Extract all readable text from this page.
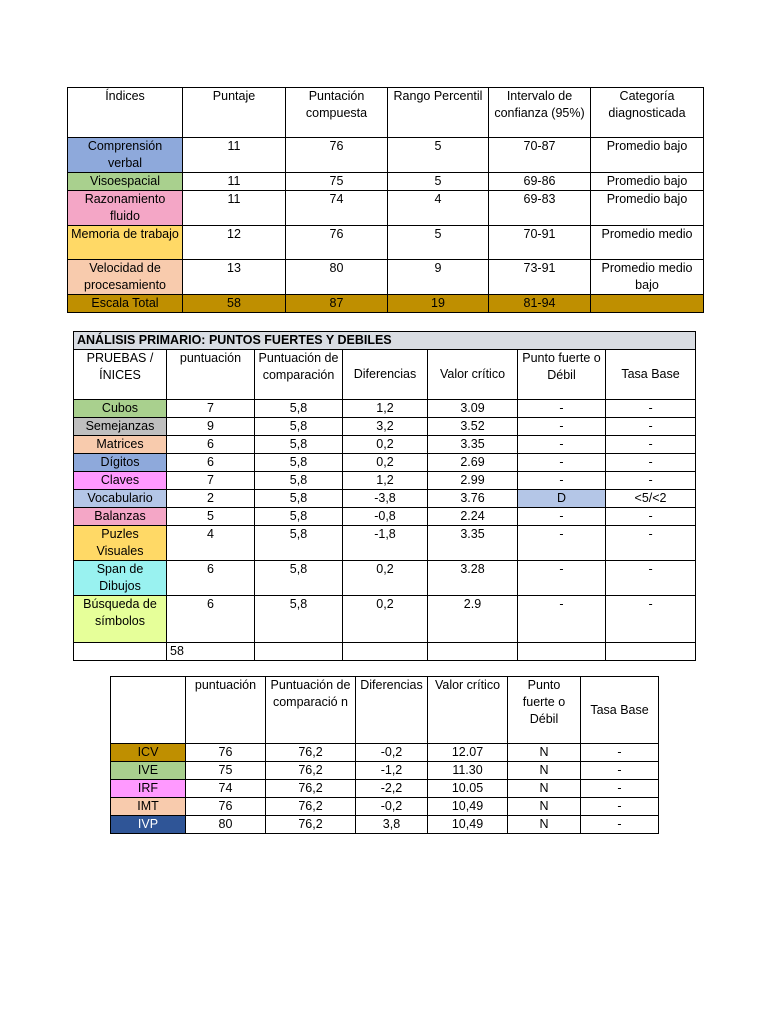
Índices	Puntaje	Puntación compuesta	Rango Percentil	Intervalo de confianza (95%)	Categoría diagnosticada
Comprensión verbal	11	76	5	70-87	Promedio bajo
Visoespacial	11	75	5	69-86	Promedio bajo
Razonamiento fluido	11	74	4	69-83	Promedio bajo
Memoria de trabajo	12	76	5	70-91	Promedio medio
Velocidad de procesamiento	13	80	9	73-91	Promedio medio bajo
Escala Total	58	87	19	81-94	
ANÁLISIS PRIMARIO: PUNTOS FUERTES Y DEBILES						
PRUEBAS / ÍNICES	puntuación	Puntuación de comparación	Diferencias	Valor crítico	Punto fuerte o Débil	Tasa Base
Cubos	7	5,8	1,2	3.09	-	-
Semejanzas	9	5,8	3,2	3.52	-	-
Matrices	6	5,8	0,2	3.35	-	-
Dígitos	6	5,8	0,2	2.69	-	-
Claves	7	5,8	1,2	2.99	-	-
Vocabulario	2	5,8	-3,8	3.76	D	<5/<2
Balanzas	5	5,8	-0,8	2.24	-	-
Puzles Visuales	4	5,8	-1,8	3.35	-	-
Span de Dibujos	6	5,8	0,2	3.28	-	-
Búsqueda de símbolos	6	5,8	0,2	2.9	-	-
	58					
	puntuación	Puntuación de comparació n	Diferencias	Valor crítico	Punto fuerte o Débil	Tasa Base
ICV	76	76,2	-0,2	12.07	N	-
IVE	75	76,2	-1,2	11.30	N	-
IRF	74	76,2	-2,2	10.05	N	-
IMT	76	76,2	-0,2	10,49	N	-
IVP	80	76,2	3,8	10,49	N	-
